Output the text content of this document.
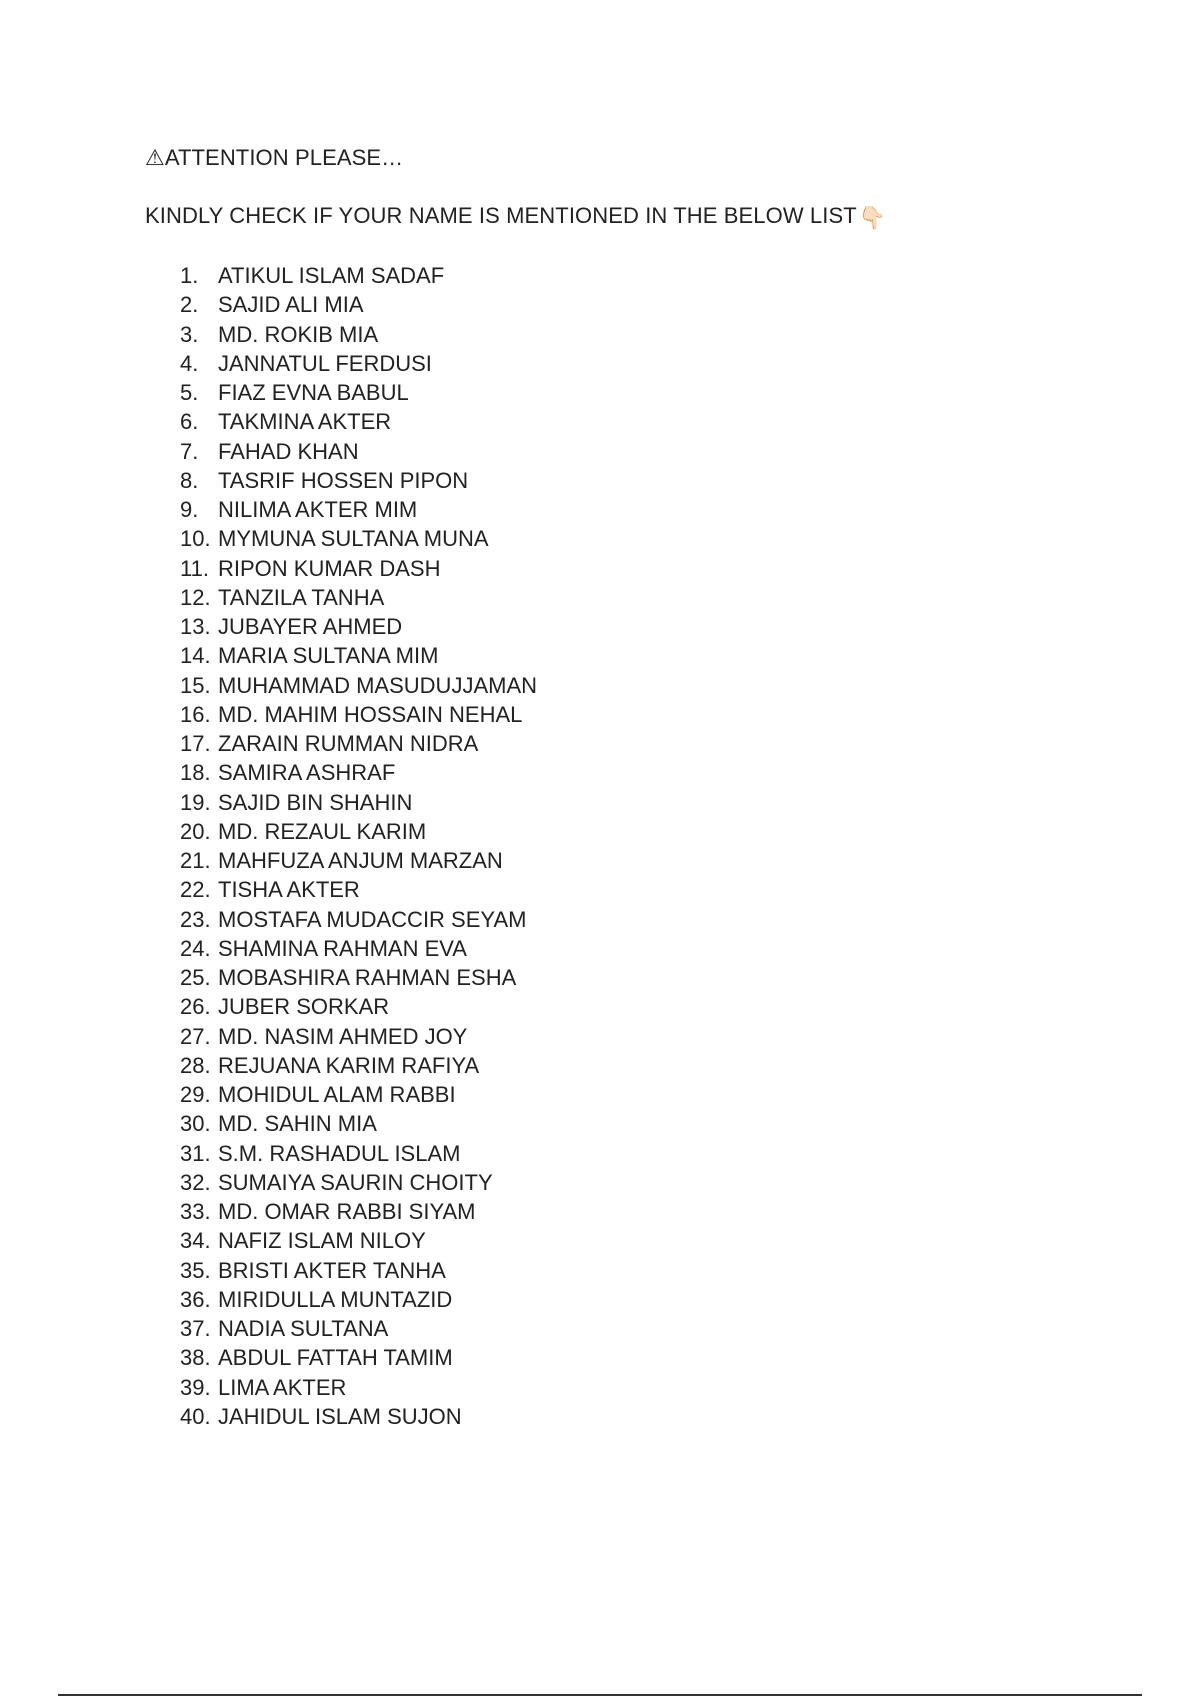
⚠ATTENTION PLEASE…
KINDLY CHECK IF YOUR NAME IS MENTIONED IN THE BELOW LIST👇🏻
1. ATIKUL ISLAM SADAF
2. SAJID ALI MIA
3. MD. ROKIB MIA
4. JANNATUL FERDUSI
5. FIAZ EVNA BABUL
6. TAKMINA AKTER
7. FAHAD KHAN
8. TASRIF HOSSEN PIPON
9. NILIMA AKTER MIM
10. MYMUNA SULTANA MUNA
11. RIPON KUMAR DASH
12. TANZILA TANHA
13. JUBAYER AHMED
14. MARIA SULTANA MIM
15. MUHAMMAD MASUDUJJAMAN
16. MD. MAHIM HOSSAIN NEHAL
17. ZARAIN RUMMAN NIDRA
18. SAMIRA ASHRAF
19. SAJID BIN SHAHIN
20. MD. REZAUL KARIM
21. MAHFUZA ANJUM MARZAN
22. TISHA AKTER
23. MOSTAFA MUDACCIR SEYAM
24. SHAMINA RAHMAN EVA
25. MOBASHIRA RAHMAN ESHA
26. JUBER SORKAR
27. MD. NASIM AHMED JOY
28. REJUANA KARIM RAFIYA
29. MOHIDUL ALAM RABBI
30. MD. SAHIN MIA
31. S.M. RASHADUL ISLAM
32. SUMAIYA SAURIN CHOITY
33. MD. OMAR RABBI SIYAM
34. NAFIZ ISLAM NILOY
35. BRISTI AKTER TANHA
36. MIRIDULLA MUNTAZID
37. NADIA SULTANA
38. ABDUL FATTAH TAMIM
39. LIMA AKTER
40. JAHIDUL ISLAM SUJON
